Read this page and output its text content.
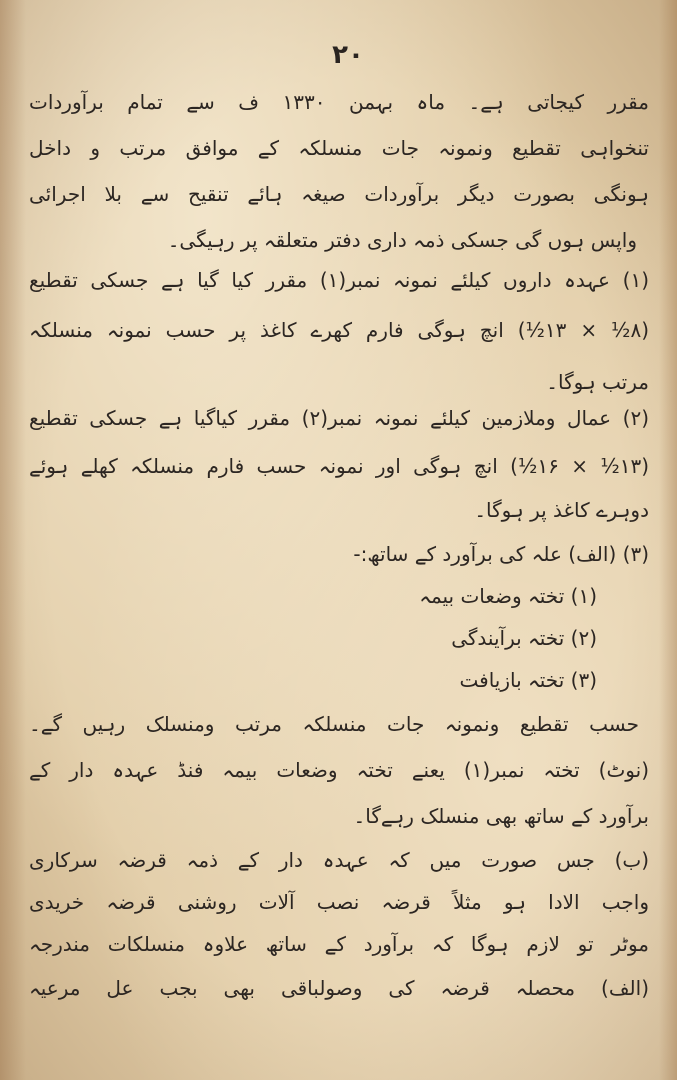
۲۰
مقرر کیجاتی ہے۔ ماہ بہمن ۱۳۳۰ ف سے تمام برآوردات
تنخواہی تقطیع ونمونہ جات منسلکہ کے موافق مرتب و داخل
ہونگی بصورت دیگر برآوردات صیغہ ہائے تنقیح سے بلا اجرائی
واپس ہوں گی جسکی ذمہ داری دفتر متعلقہ پر رہیگی۔
(۱) عہدہ داروں کیلئے نمونہ نمبر(۱) مقرر کیا گیا ہے جسکی تقطیع
(۸½ × ۱۳½) انچ ہوگی فارم کھرے کاغذ پر حسب نمونہ منسلکہ
مرتب ہوگا۔
(۲) عمال وملازمین کیلئے نمونہ نمبر(۲) مقرر کیاگیا ہے جسکی تقطیع
(۱۳½ × ۱۶½) انچ ہوگی اور نمونہ حسب فارم منسلکہ کھلے ہوئے
دوہرے کاغذ پر ہوگا۔
(۳) (الف) علہ کی برآورد کے ساتھ:-
(۱) تختہ وضعات بیمہ
(۲) تختہ برآیندگی
(۳) تختہ بازیافت
حسب تقطیع ونمونہ جات منسلکہ مرتب ومنسلک رہیں گے۔
(نوٹ) تختہ نمبر(۱) یعنے تختہ وضعات بیمہ فنڈ عہدہ دار کے
برآورد کے ساتھ بھی منسلک رہےگا۔
(ب) جس صورت میں کہ عہدہ دار کے ذمہ قرضہ سرکاری
واجب الادا ہو مثلاً قرضہ نصب آلات روشنی قرضہ خریدی
موٹر تو لازم ہوگا کہ برآورد کے ساتھ علاوہ منسلکات مندرجہ
(الف) محصلہ قرضہ کی وصولباقی بھی بجب عل مرعیہ
